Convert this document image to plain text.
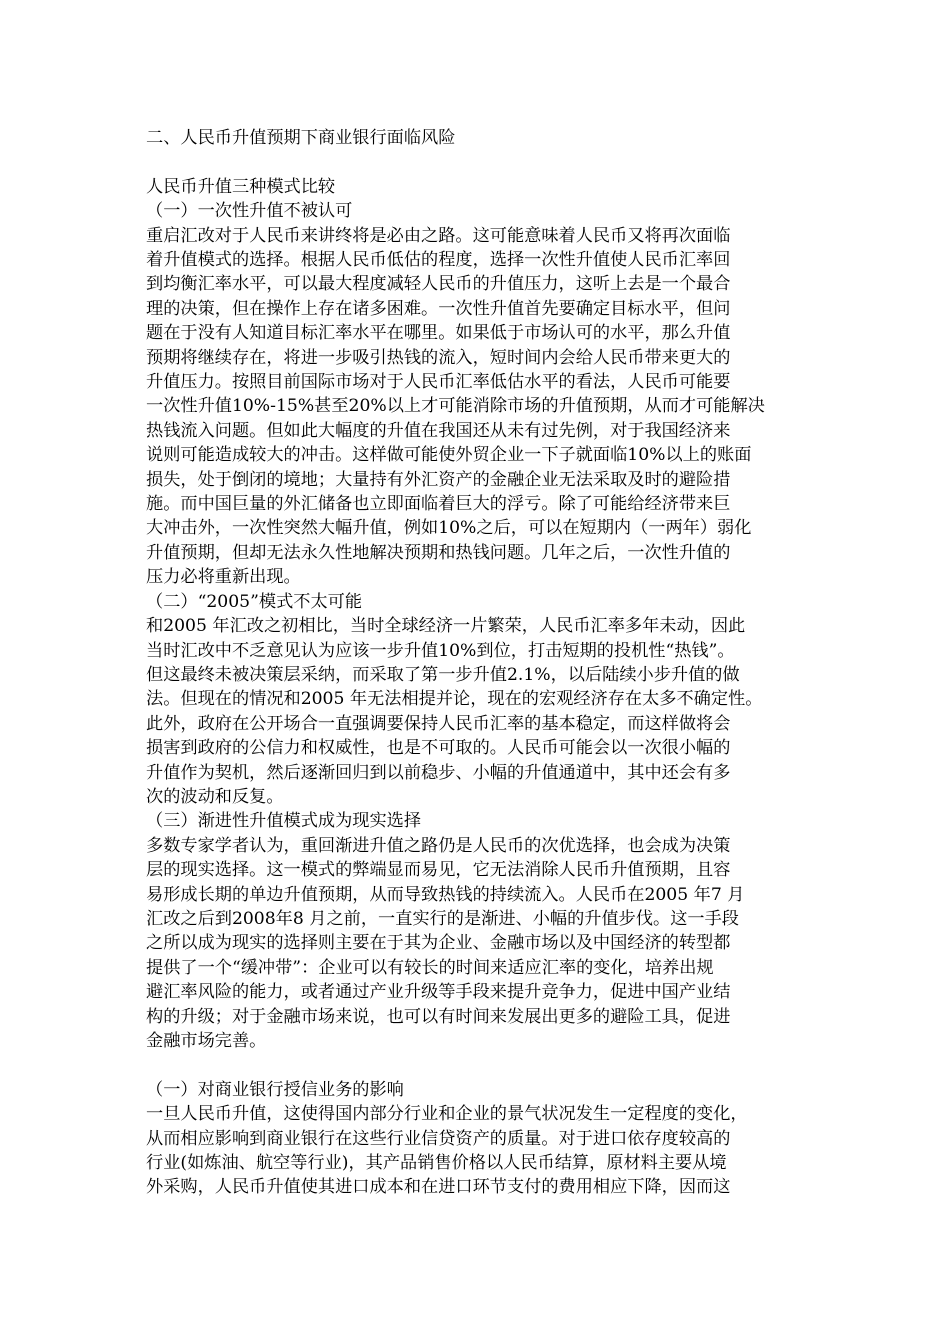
二、人民币升值预期下商业银行面临风险
人民币升值三种模式比较
（一）一次性升值不被认可
重启汇改对于人民币来讲终将是必由之路。这可能意味着人民币又将再次面临
着升值模式的选择。根据人民币低估的程度，选择一次性升值使人民币汇率回
到均衡汇率水平，可以最大程度减轻人民币的升值压力，这听上去是一个最合
理的决策，但在操作上存在诸多困难。一次性升值首先要确定目标水平，但问
题在于没有人知道目标汇率水平在哪里。如果低于市场认可的水平，那么升值
预期将继续存在，将进一步吸引热钱的流入，短时间内会给人民币带来更大的
升值压力。按照目前国际市场对于人民币汇率低估水平的看法，人民币可能要
一次性升值10%-15%甚至20%以上才可能消除市场的升值预期，从而才可能解决
热钱流入问题。但如此大幅度的升值在我国还从未有过先例，对于我国经济来
说则可能造成较大的冲击。这样做可能使外贸企业一下子就面临10%以上的账面
损失，处于倒闭的境地；大量持有外汇资产的金融企业无法采取及时的避险措
施。而中国巨量的外汇储备也立即面临着巨大的浮亏。除了可能给经济带来巨
大冲击外，一次性突然大幅升值，例如10%之后，可以在短期内（一两年）弱化
升值预期，但却无法永久性地解决预期和热钱问题。几年之后，一次性升值的
压力必将重新出现。
（二）“2005”模式不太可能
和2005 年汇改之初相比，当时全球经济一片繁荣，人民币汇率多年未动，因此
当时汇改中不乏意见认为应该一步升值10%到位，打击短期的投机性“热钱”。
但这最终未被决策层采纳，而采取了第一步升值2.1%，以后陆续小步升值的做
法。但现在的情况和2005 年无法相提并论，现在的宏观经济存在太多不确定性。
此外，政府在公开场合一直强调要保持人民币汇率的基本稳定，而这样做将会
损害到政府的公信力和权威性，也是不可取的。人民币可能会以一次很小幅的
升值作为契机，然后逐渐回归到以前稳步、小幅的升值通道中，其中还会有多
次的波动和反复。
（三）渐进性升值模式成为现实选择
多数专家学者认为，重回渐进升值之路仍是人民币的次优选择，也会成为决策
层的现实选择。这一模式的弊端显而易见，它无法消除人民币升值预期，且容
易形成长期的单边升值预期，从而导致热钱的持续流入。人民币在2005 年7 月
汇改之后到2008年8 月之前，一直实行的是渐进、小幅的升值步伐。这一手段
之所以成为现实的选择则主要在于其为企业、金融市场以及中国经济的转型都
提供了一个“缓冲带”：企业可以有较长的时间来适应汇率的变化，培养出规
避汇率风险的能力，或者通过产业升级等手段来提升竞争力，促进中国产业结
构的升级；对于金融市场来说，也可以有时间来发展出更多的避险工具，促进
金融市场完善。
（一）对商业银行授信业务的影响
一旦人民币升值，这使得国内部分行业和企业的景气状况发生一定程度的变化，
从而相应影响到商业银行在这些行业信贷资产的质量。对于进口依存度较高的
行业(如炼油、航空等行业)，其产品销售价格以人民币结算，原材料主要从境
外采购，人民币升值使其进口成本和在进口环节支付的费用相应下降，因而这
